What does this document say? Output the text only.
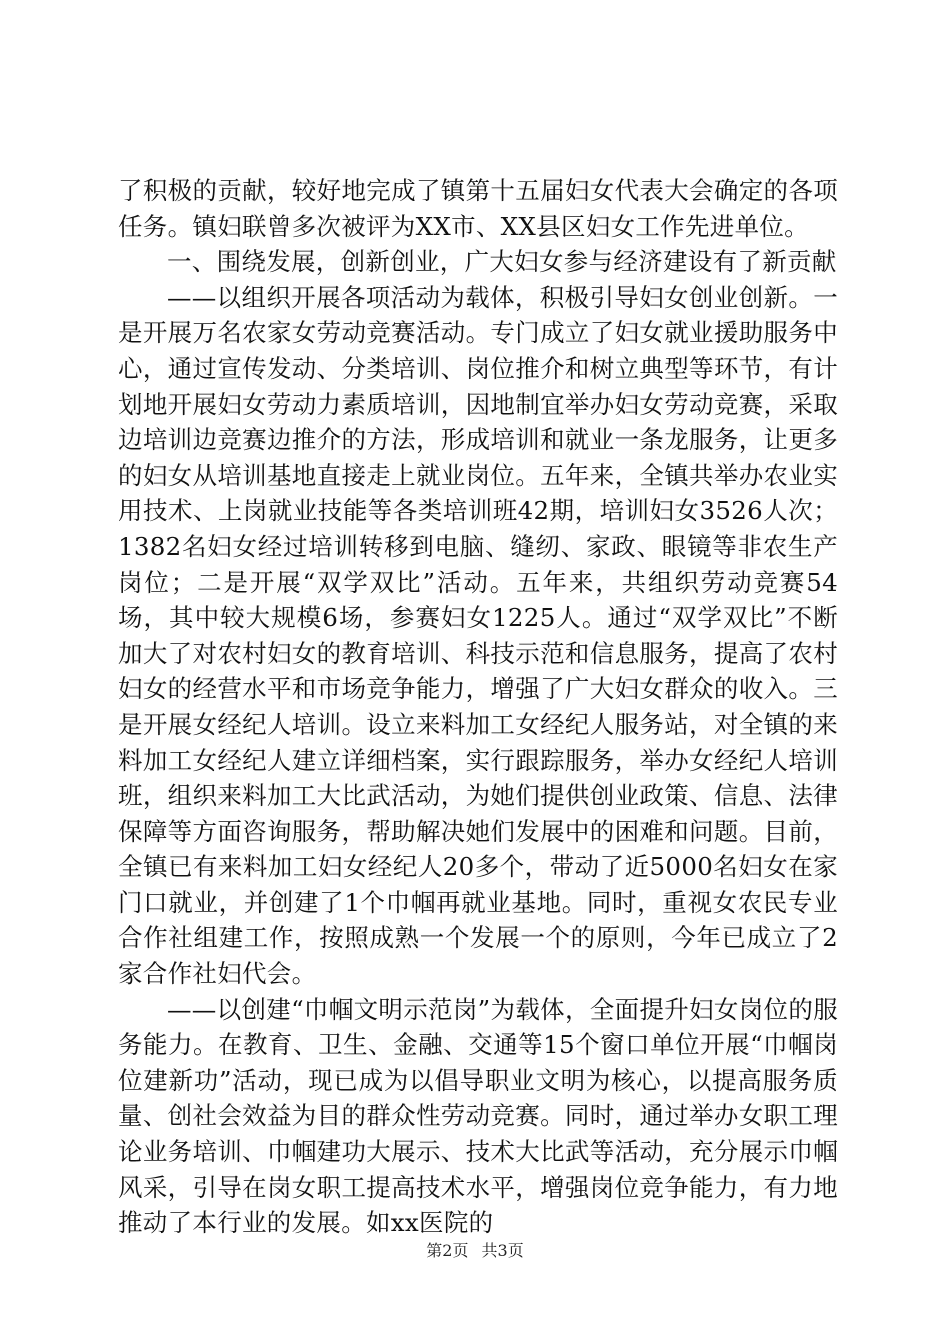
了积极的贡献，较好地完成了镇第十五届妇女代表大会确定的各项任务。镇妇联曾多次被评为XX市、XX县区妇女工作先进单位。

一、围绕发展，创新创业，广大妇女参与经济建设有了新贡献

——以组织开展各项活动为载体，积极引导妇女创业创新。一是开展万名农家女劳动竞赛活动。专门成立了妇女就业援助服务中心，通过宣传发动、分类培训、岗位推介和树立典型等环节，有计划地开展妇女劳动力素质培训，因地制宜举办妇女劳动竞赛，采取边培训边竞赛边推介的方法，形成培训和就业一条龙服务，让更多的妇女从培训基地直接走上就业岗位。五年来，全镇共举办农业实用技术、上岗就业技能等各类培训班42期，培训妇女3526人次；1382名妇女经过培训转移到电脑、缝纫、家政、眼镜等非农生产岗位；二是开展“双学双比”活动。五年来，共组织劳动竞赛54场，其中较大规模6场，参赛妇女1225人。通过“双学双比”不断加大了对农村妇女的教育培训、科技示范和信息服务，提高了农村妇女的经营水平和市场竞争能力，增强了广大妇女群众的收入。三是开展女经纪人培训。设立来料加工女经纪人服务站，对全镇的来料加工女经纪人建立详细档案，实行跟踪服务，举办女经纪人培训班，组织来料加工大比武活动，为她们提供创业政策、信息、法律保障等方面咨询服务，帮助解决她们发展中的困难和问题。目前，全镇已有来料加工妇女经纪人20多个，带动了近5000名妇女在家门口就业，并创建了1个巾帼再就业基地。同时，重视女农民专业合作社组建工作，按照成熟一个发展一个的原则，今年已成立了2家合作社妇代会。

——以创建“巾帼文明示范岗”为载体，全面提升妇女岗位的服务能力。在教育、卫生、金融、交通等15个窗口单位开展“巾帼岗位建新功”活动，现已成为以倡导职业文明为核心，以提高服务质量、创社会效益为目的群众性劳动竞赛。同时，通过举办女职工理论业务培训、巾帼建功大展示、技术大比武等活动，充分展示巾帼风采，引导在岗女职工提高技术水平，增强岗位竞争能力，有力地推动了本行业的发展。如xx医院的

第2页 共3页
